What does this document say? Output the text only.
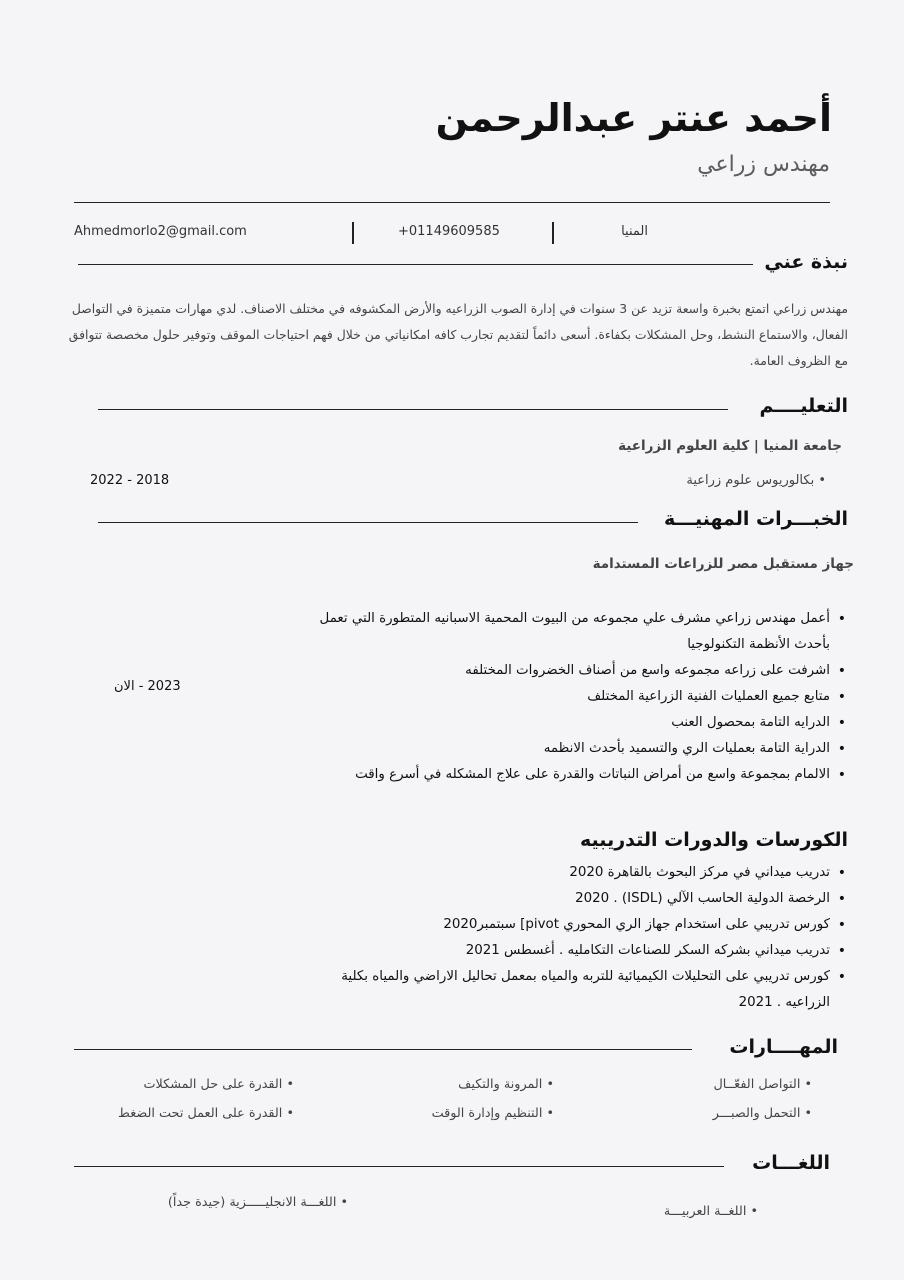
أحمد عنتر عبدالرحمن
مهندس زراعي
المنيا
+01149609585
Ahmedmorlo2@gmail.com
نبذة عني
مهندس زراعي اتمتع بخبرة واسعة تزيد عن 3 سنوات في إدارة الصوب الزراعيه والأرض المكشوفه في مختلف الاصناف. لدي مهارات متميزة في التواصل الفعال، والاستماع النشط، وحل المشكلات بكفاءة. أسعى دائماً لتقديم تجارب كافه امكانياتي من خلال فهم احتياجات الموقف وتوفير حلول مخصصة تتوافق مع الظروف العامة.
التعليــــم
جامعة المنيا | كلية العلوم الزراعية
• بكالوريوس علوم زراعية
2018 - 2022
الخبـــرات المهنيـــة
جهاز مستقبل مصر للزراعات المستدامة
2023 - الان
• أعمل مهندس زراعي مشرف علي مجموعه من البيوت المحمية الاسبانيه المتطورة التي تعمل بأحدث الأنظمة التكنولوجيا
• اشرفت على زراعه مجموعه واسع من أصناف الخضروات المختلفه
• متابع جميع العمليات الفنية الزراعية المختلف
• الدرايه التامة بمحصول العنب
• الدراية التامة بعمليات الري والتسميد بأحدث الانظمه
• الالمام بمجموعة واسع من أمراض النباتات والقدرة على علاج المشكله في أسرع واقت
الكورسات والدورات التدريبيه
• تدريب ميداني في مركز البحوث بالقاهرة 2020
• الرخصة الدولية الحاسب الآلي (ISDL) . 2020
• كورس تدريبي على استخدام جهاز الري المحوري pivot] سبتمبر2020
• تدريب ميداني بشركه السكر للصناعات التكامليه . أغسطس 2021
• كورس تدريبي على التحليلات الكيميائية للتربه والمياه بمعمل تحاليل الاراضي والمياه بكلية الزراعيه . 2021
المهــــارات
• التواصل الفعّــال
• المرونة والتكيف
• القدرة على حل المشكلات
• التحمل والصبـــر
• التنظيم وإدارة الوقت
• القدرة على العمل تحت الضغط
اللغـــات
• اللغــة العربيـــة
• اللغـــة الانجليـــــزية (جيدة جداً)
